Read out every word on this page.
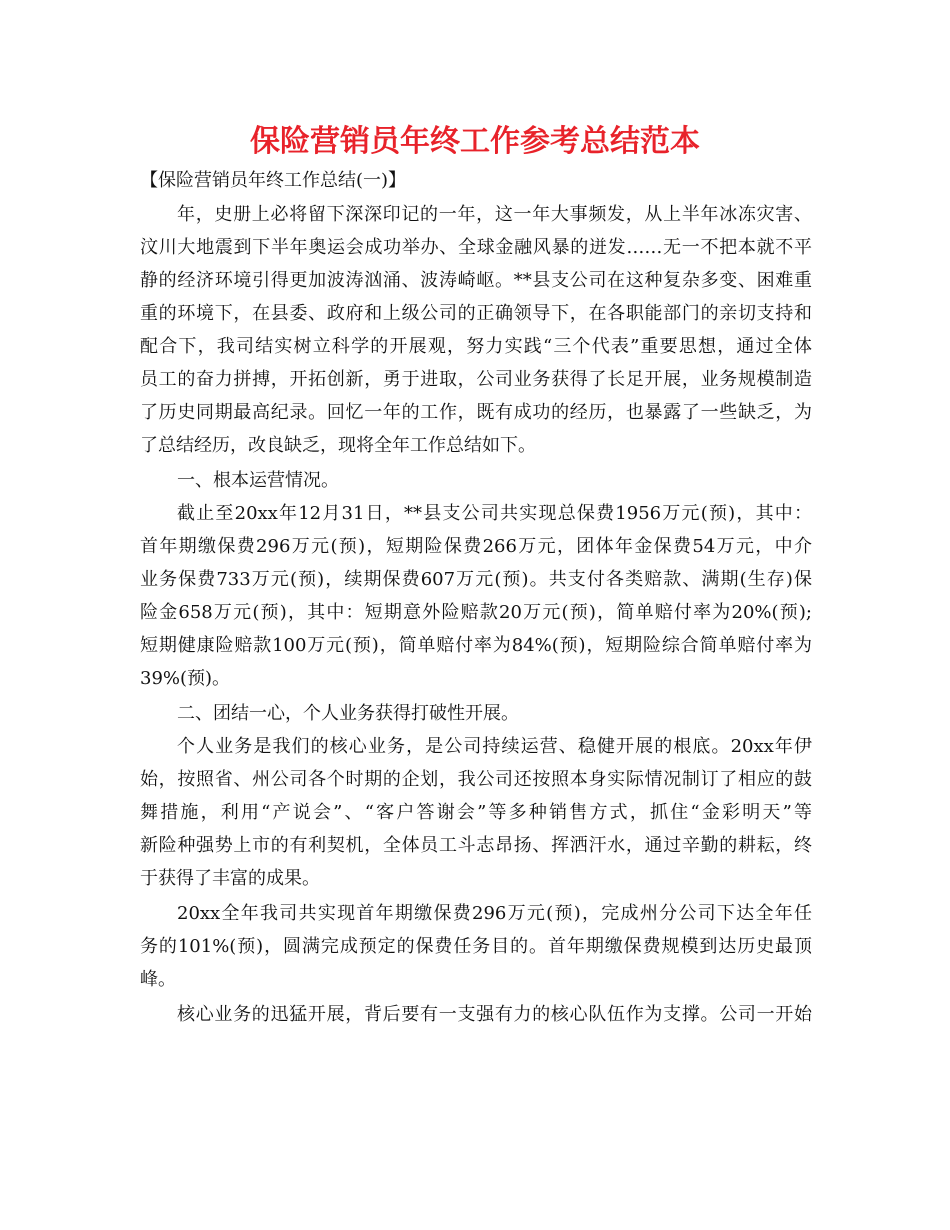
保险营销员年终工作参考总结范本
【保险营销员年终工作总结(一)】
年，史册上必将留下深深印记的一年，这一年大事频发，从上半年冰冻灾害、
汶川大地震到下半年奥运会成功举办、全球金融风暴的迸发……无一不把本就不平
静的经济环境引得更加波涛汹涌、波涛崎岖。**县支公司在这种复杂多变、困难重
重的环境下，在县委、政府和上级公司的正确领导下，在各职能部门的亲切支持和
配合下，我司结实树立科学的开展观，努力实践“三个代表”重要思想，通过全体
员工的奋力拼搏，开拓创新，勇于进取，公司业务获得了长足开展，业务规模制造
了历史同期最高纪录。回忆一年的工作，既有成功的经历，也暴露了一些缺乏，为
了总结经历，改良缺乏，现将全年工作总结如下。
一、根本运营情况。
截止至20xx年12月31日，**县支公司共实现总保费1956万元(预)，其中：
首年期缴保费296万元(预)，短期险保费266万元，团体年金保费54万元，中介
业务保费733万元(预)，续期保费607万元(预)。共支付各类赔款、满期(生存)保
险金658万元(预)，其中：短期意外险赔款20万元(预)，简单赔付率为20%(预);
短期健康险赔款100万元(预)，简单赔付率为84%(预)，短期险综合简单赔付率为
39%(预)。
二、团结一心，个人业务获得打破性开展。
个人业务是我们的核心业务，是公司持续运营、稳健开展的根底。20xx年伊
始，按照省、州公司各个时期的企划，我公司还按照本身实际情况制订了相应的鼓
舞措施，利用“产说会”、“客户答谢会”等多种销售方式，抓住“金彩明天”等
新险种强势上市的有利契机，全体员工斗志昂扬、挥洒汗水，通过辛勤的耕耘，终
于获得了丰富的成果。
20xx全年我司共实现首年期缴保费296万元(预)，完成州分公司下达全年任
务的101%(预)，圆满完成预定的保费任务目的。首年期缴保费规模到达历史最顶
峰。
核心业务的迅猛开展，背后要有一支强有力的核心队伍作为支撑。公司一开始
